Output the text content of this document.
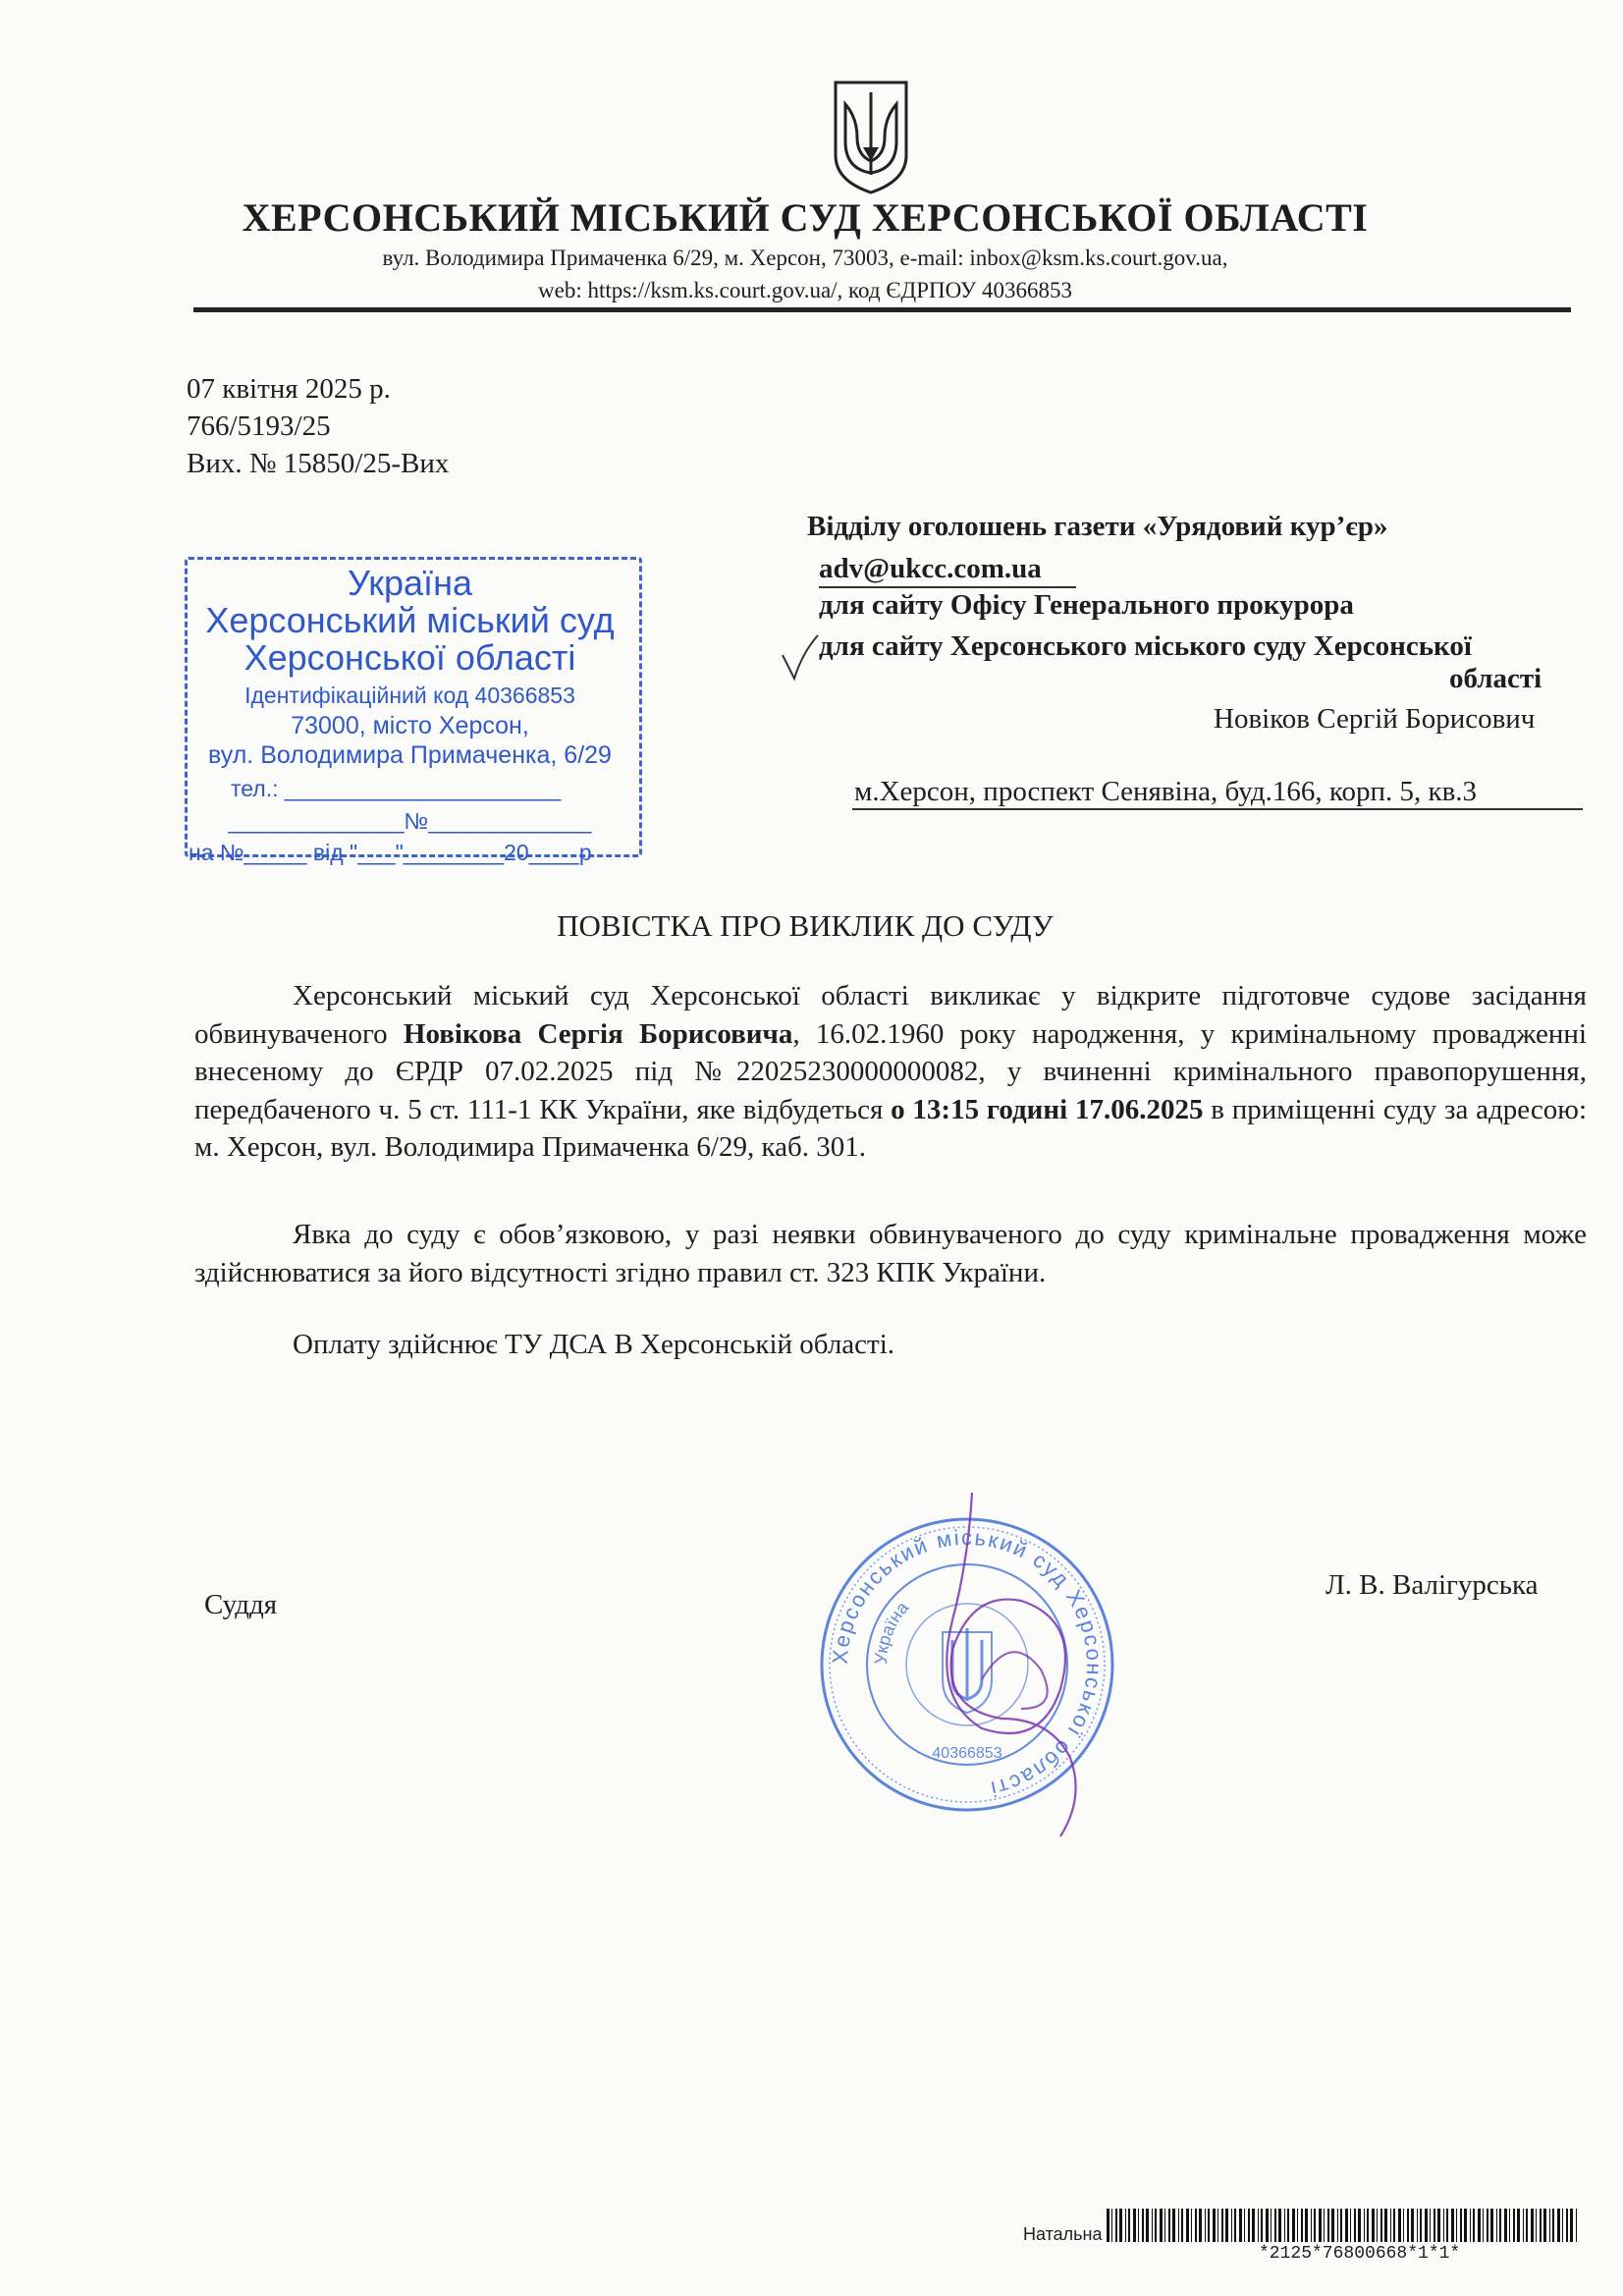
ХЕРСОНСЬКИЙ МІСЬКИЙ СУД ХЕРСОНСЬКОЇ ОБЛАСТІ
вул. Володимира Примаченка 6/29, м. Херсон, 73003, e-mail: inbox@ksm.ks.court.gov.ua,
web: https://ksm.ks.court.gov.ua/, код ЄДРПОУ 40366853
07 квітня 2025 р.
766/5193/25
Вих. № 15850/25-Вих
Україна
Херсонський міський суд
Херсонської області
Ідентифікаційний код 40366853
73000, місто Херсон,
вул. Володимира Примаченка, 6/29
тел.: ______________________
______________№_____________
на №_____ від "___"________20____р
Відділу оголошень газети «Урядовий кур’єр»
adv@ukcc.com.ua
для сайту Офісу Генерального прокурора
для сайту Херсонського міського суду Херсонської
області
Новіков Сергій Борисович
м.Херсон, проспект Сенявіна, буд.166, корп. 5, кв.3
ПОВІСТКА ПРО ВИКЛИК ДО СУДУ
Херсонський міський суд Херсонської області викликає у відкрите підготовче судове засідання обвинуваченого Новікова Сергія Борисовича, 16.02.1960 року народження, у кримінальному провадженні внесеному до ЄРДР 07.02.2025 під №22025230000000082, у вчиненні кримінального правопорушення, передбаченого ч. 5 ст. 111-1 КК України, яке відбудеться о 13:15 годині 17.06.2025 в приміщенні суду за адресою: м. Херсон, вул. Володимира Примаченка 6/29, каб. 301.
Явка до суду є обов’язковою, у разі неявки обвинуваченого до суду кримінальне провадження може здійснюватися за його відсутності згідно правил ст. 323 КПК України.
Оплату здійснює ТУ ДСА В Херсонській області.
Суддя
Л. В. Валігурська
Херсонський міський суд Херсонської області
Україна
40366853
Натальна
*2125*76800668*1*1*
